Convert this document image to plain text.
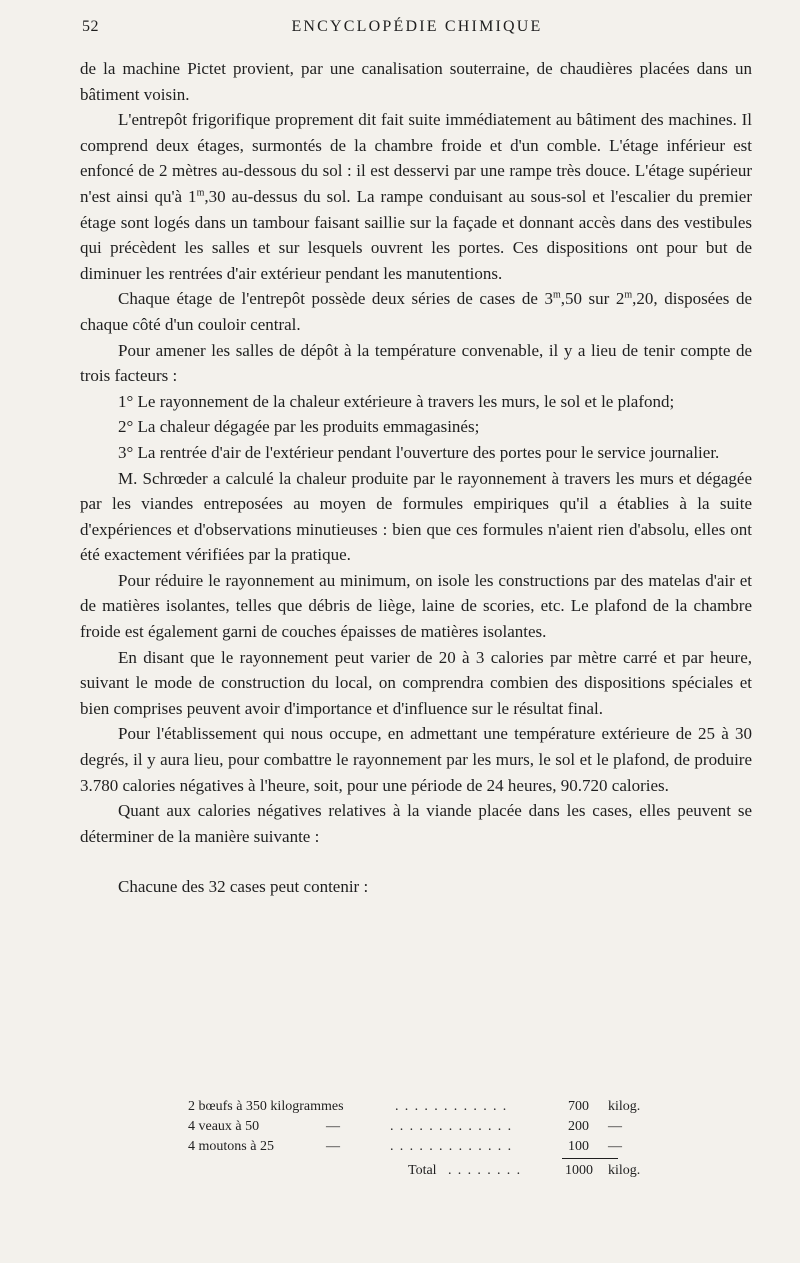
52	ENCYCLOPÉDIE CHIMIQUE

de la machine Pictet provient, par une canalisation souterraine, de chaudières placées dans un bâtiment voisin.

L'entrepôt frigorifique proprement dit fait suite immédiatement au bâtiment des machines. Il comprend deux étages, surmontés de la chambre froide et d'un comble. L'étage inférieur est enfoncé de 2 mètres au-dessous du sol : il est desservi par une rampe très douce. L'étage supérieur n'est ainsi qu'à 1$^m$,30 au-dessus du sol. La rampe conduisant au sous-sol et l'escalier du premier étage sont logés dans un tambour faisant saillie sur la façade et donnant accès dans des vestibules qui précèdent les salles et sur lesquels ouvrent les portes. Ces dispositions ont pour but de diminuer les rentrées d'air extérieur pendant les manutentions.

Chaque étage de l'entrepôt possède deux séries de cases de 3$^m$,50 sur 2$^m$,20, disposées de chaque côté d'un couloir central.

Pour amener les salles de dépôt à la température convenable, il y a lieu de tenir compte de trois facteurs :

1° Le rayonnement de la chaleur extérieure à travers les murs, le sol et le plafond;

2° La chaleur dégagée par les produits emmagasinés;

3° La rentrée d'air de l'extérieur pendant l'ouverture des portes pour le service journalier.

M. Schrœder a calculé la chaleur produite par le rayonnement à travers les murs et dégagée par les viandes entreposées au moyen de formules empiriques qu'il a établies à la suite d'expériences et d'observations minutieuses : bien que ces formules n'aient rien d'absolu, elles ont été exactement vérifiées par la pratique.

Pour réduire le rayonnement au minimum, on isole les constructions par des matelas d'air et de matières isolantes, telles que débris de liège, laine de scories, etc. Le plafond de la chambre froide est également garni de couches épaisses de matières isolantes.

En disant que le rayonnement peut varier de 20 à 3 calories par mètre carré et par heure, suivant le mode de construction du local, on comprendra combien des dispositions spéciales et bien comprises peuvent avoir d'importance et d'influence sur le résultat final.

Pour l'établissement qui nous occupe, en admettant une température extérieure de 25 à 30 degrés, il y aura lieu, pour combattre le rayonnement par les murs, le sol et le plafond, de produire 3.780 calories négatives à l'heure, soit, pour une période de 24 heures, 90.720 calories.

Quant aux calories négatives relatives à la viande placée dans les cases, elles peuvent se déterminer de la manière suivante :

Chacune des 32 cases peut contenir :

2 bœufs à 350 kilogrammes	. . . . . . . . . . . .	700 kilog.
4 veaux à 50	—	. . . . . . . . . . . . .	200 —
4 moutons à 25	—	. . . . . . . . . . . . .	100 —
Total . . . . . . . .	1000 kilog.
